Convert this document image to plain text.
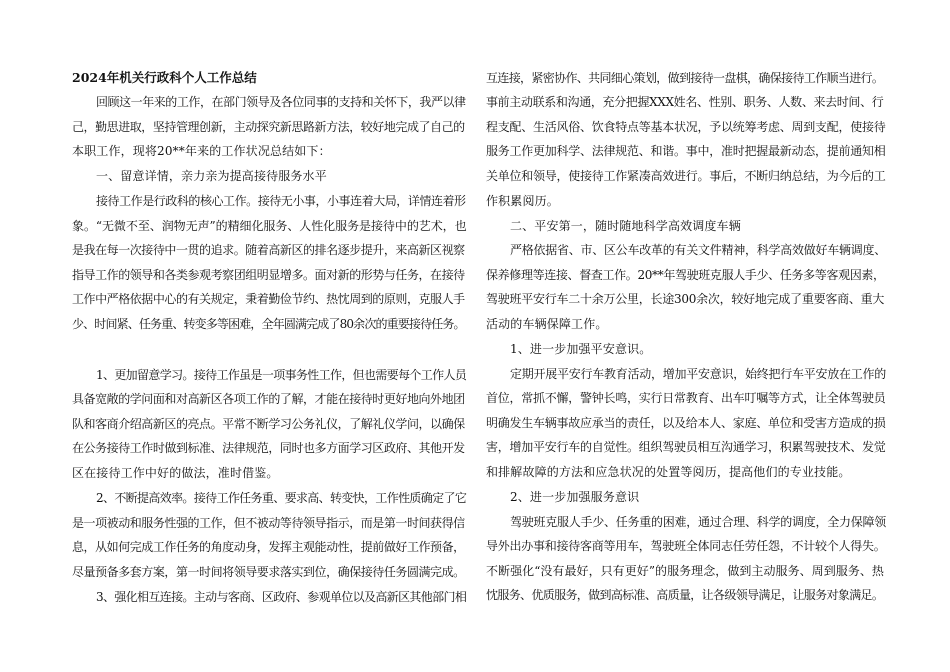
2024年机关行政科个人工作总结
回顾这一年来的工作，在部门领导及各位同事的支持和关怀下，我严以律
己，勤思进取，坚持管理创新，主动探究新思路新方法，较好地完成了自己的
本职工作，现将20**年来的工作状况总结如下：
一、留意详情，亲力亲为提高接待服务水平
接待工作是行政科的核心工作。接待无小事，小事连着大局，详情连着形
象。“无微不至、润物无声”的精细化服务、人性化服务是接待中的艺术，也
是我在每一次接待中一贯的追求。随着高新区的排名逐步提升，来高新区视察
指导工作的领导和各类参观考察团组明显增多。面对新的形势与任务，在接待
工作中严格依据中心的有关规定，秉着勤俭节约、热忱周到的原则，克服人手
少、时间紧、任务重、转变多等困难，全年圆满完成了80余次的重要接待任务。
1、更加留意学习。接待工作虽是一项事务性工作，但也需要每个工作人员
具备宽敞的学问面和对高新区各项工作的了解，才能在接待时更好地向外地团
队和客商介绍高新区的亮点。平常不断学习公务礼仪，了解礼仪学问，以确保
在公务接待工作时做到标准、法律规范，同时也多方面学习区政府、其他开发
区在接待工作中好的做法，准时借鉴。
2、不断提高效率。接待工作任务重、要求高、转变快，工作性质确定了它
是一项被动和服务性强的工作，但不被动等待领导指示，而是第一时间获得信
息，从如何完成工作任务的角度动身，发挥主观能动性，提前做好工作预备，
尽量预备多套方案，第一时间将领导要求落实到位，确保接待任务圆满完成。
3、强化相互连接。主动与客商、区政府、参观单位以及高新区其他部门相
互连接，紧密协作、共同细心策划，做到接待一盘棋，确保接待工作顺当进行。
事前主动联系和沟通，充分把握XXX姓名、性别、职务、人数、来去时间、行
程支配、生活风俗、饮食特点等基本状况，予以统筹考虑、周到支配，使接待
服务工作更加科学、法律规范、和谐。事中，准时把握最新动态，提前通知相
关单位和领导，使接待工作紧凑高效进行。事后，不断归纳总结，为今后的工
作积累阅历。
二、平安第一，随时随地科学高效调度车辆
严格依据省、市、区公车改革的有关文件精神，科学高效做好车辆调度、
保养修理等连接、督查工作。20**年驾驶班克服人手少、任务多等客观因素，
驾驶班平安行车二十余万公里，长途300余次，较好地完成了重要客商、重大
活动的车辆保障工作。
1、进一步加强平安意识。
定期开展平安行车教育活动，增加平安意识，始终把行车平安放在工作的
首位，常抓不懈，警钟长鸣，实行日常教育、出车叮嘱等方式，让全体驾驶员
明确发生车辆事故应承当的责任，以及给本人、家庭、单位和受害方造成的损
害，增加平安行车的自觉性。组织驾驶员相互沟通学习，积累驾驶技术、发觉
和排解故障的方法和应急状况的处置等阅历，提高他们的专业技能。
2、进一步加强服务意识
驾驶班克服人手少、任务重的困难，通过合理、科学的调度，全力保障领
导外出办事和接待客商等用车，驾驶班全体同志任劳任怨，不计较个人得失。
不断强化“没有最好，只有更好”的服务理念，做到主动服务、周到服务、热
忱服务、优质服务，做到高标准、高质量，让各级领导满足，让服务对象满足。
